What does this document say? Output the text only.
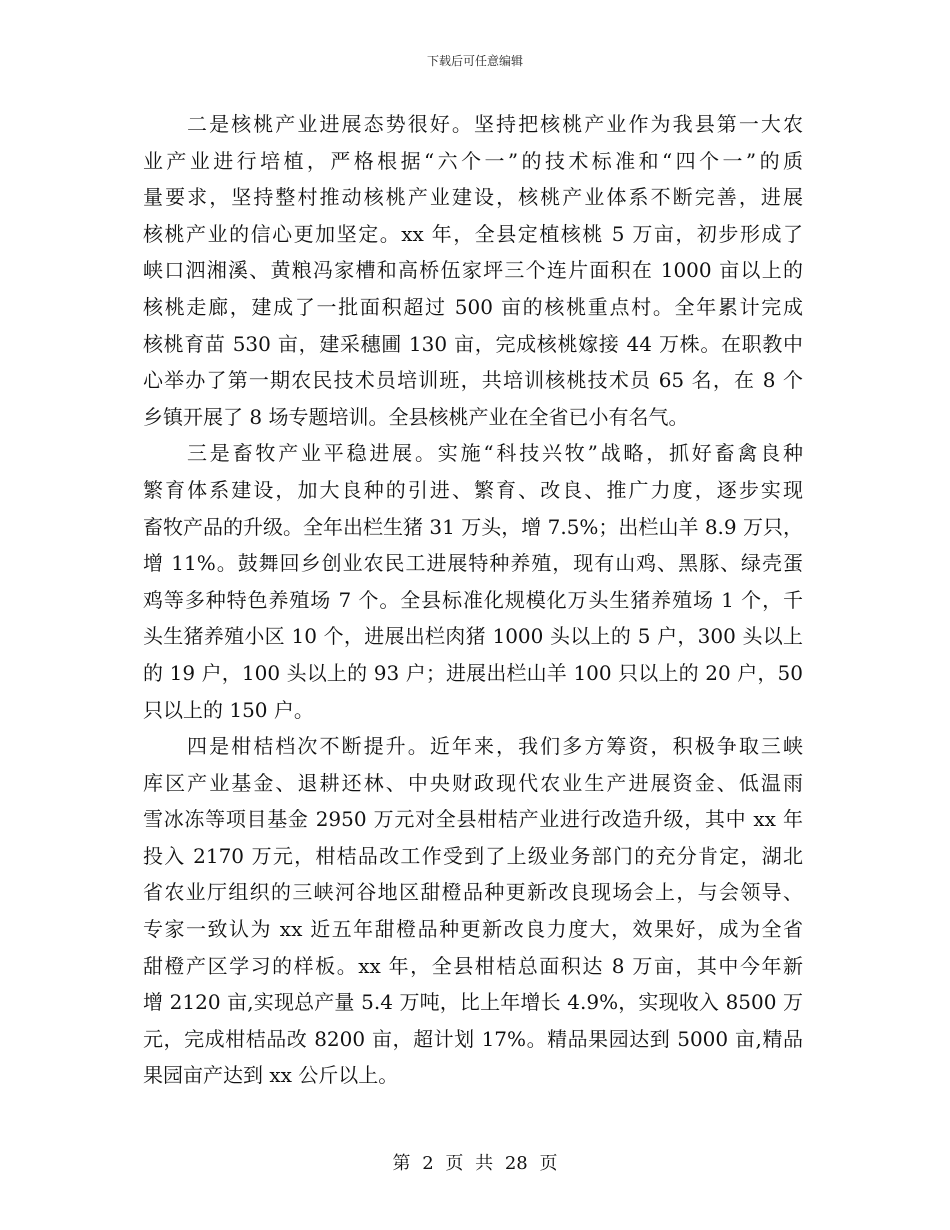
下载后可任意编辑
二是核桃产业进展态势很好。坚持把核桃产业作为我县第一大农
业产业进行培植，严格根据“六个一”的技术标准和“四个一”的质
量要求，坚持整村推动核桃产业建设，核桃产业体系不断完善，进展
核桃产业的信心更加坚定。xx 年，全县定植核桃 5 万亩，初步形成了
峡口泗湘溪、黄粮冯家槽和高桥伍家坪三个连片面积在 1000 亩以上的
核桃走廊，建成了一批面积超过 500 亩的核桃重点村。全年累计完成
核桃育苗 530 亩，建采穗圃 130 亩，完成核桃嫁接 44 万株。在职教中
心举办了第一期农民技术员培训班，共培训核桃技术员 65 名，在 8 个
乡镇开展了 8 场专题培训。全县核桃产业在全省已小有名气。
三是畜牧产业平稳进展。实施“科技兴牧”战略，抓好畜禽良种
繁育体系建设，加大良种的引进、繁育、改良、推广力度，逐步实现
畜牧产品的升级。全年出栏生猪 31 万头，增 7.5%；出栏山羊 8.9 万只，
增 11%。鼓舞回乡创业农民工进展特种养殖，现有山鸡、黑豚、绿壳蛋
鸡等多种特色养殖场 7 个。全县标准化规模化万头生猪养殖场 1 个，千
头生猪养殖小区 10 个，进展出栏肉猪 1000 头以上的 5 户，300 头以上
的 19 户，100 头以上的 93 户；进展出栏山羊 100 只以上的 20 户，50
只以上的 150 户。
四是柑桔档次不断提升。近年来，我们多方筹资，积极争取三峡
库区产业基金、退耕还林、中央财政现代农业生产进展资金、低温雨
雪冰冻等项目基金 2950 万元对全县柑桔产业进行改造升级，其中 xx 年
投入 2170 万元，柑桔品改工作受到了上级业务部门的充分肯定，湖北
省农业厅组织的三峡河谷地区甜橙品种更新改良现场会上，与会领导、
专家一致认为 xx 近五年甜橙品种更新改良力度大，效果好，成为全省
甜橙产区学习的样板。xx 年，全县柑桔总面积达 8 万亩，其中今年新
增 2120 亩,实现总产量 5.4 万吨，比上年增长 4.9%，实现收入 8500 万
元，完成柑桔品改 8200 亩，超计划 17%。精品果园达到 5000 亩,精品
果园亩产达到 xx 公斤以上。
第 2 页 共 28 页
